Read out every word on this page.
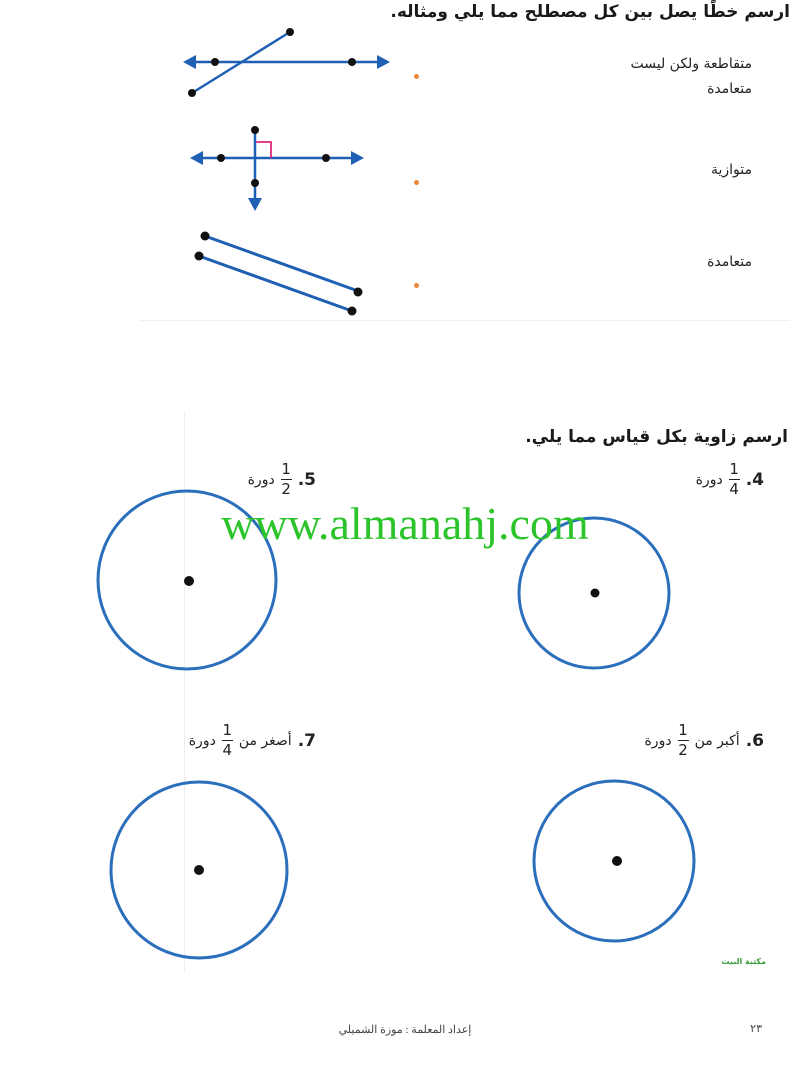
ارسم خطًا يصل بين كل مصطلح مما يلي ومثاله.
متقاطعة ولكن ليست
متعامدة
متوازية
متعامدة
ارسم زاوية بكل قياس مما يلي.
4.
$\frac{1}{4}$
دورة
5.
$\frac{1}{2}$
دورة
6.
أكبر من
$\frac{1}{2}$
دورة
7.
أصغر من
$\frac{1}{4}$
دورة
www.almanahj.com
مكتبة البيت
إعداد المعلمة : موزة الشميلي	٢٣
